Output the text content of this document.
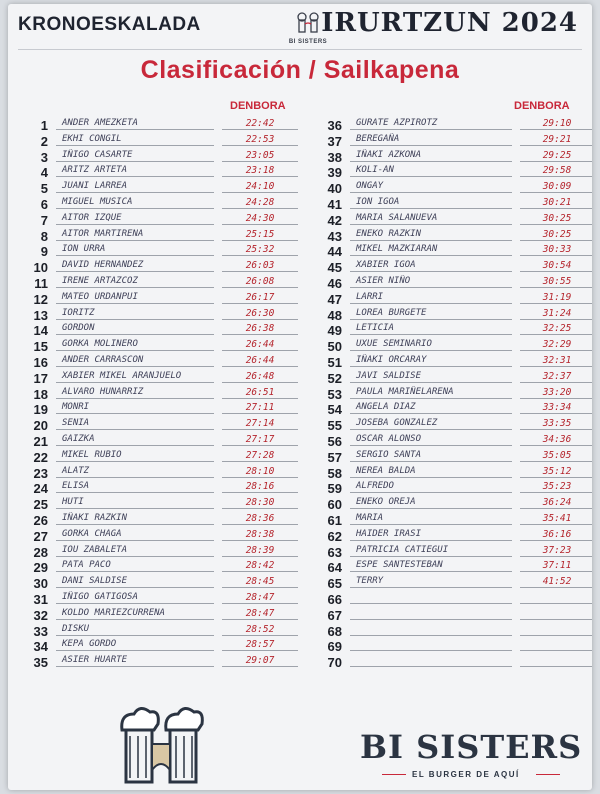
KRONOESKALADA
BI SISTERS
IRURTZUN 2024
Clasificación / Sailkapena
DENBORA
1	ANDER AMEZKETA	22:42
2	EKHI CONGIL	22:53
3	IÑIGO CASARTE	23:05
4	ARITZ ARTETA	23:18
5	JUANI LARREA	24:10
6	MIGUEL MUSICA	24:28
7	AITOR IZQUE	24:30
8	AITOR MARTIRENA	25:15
9	ION URRA	25:32
10	DAVID HERNANDEZ	26:03
11	IRENE ARTAZCOZ	26:08
12	MATEO URDANPUI	26:17
13	IORITZ	26:30
14	GORDON	26:38
15	GORKA MOLINERO	26:44
16	ANDER CARRASCON	26:44
17	XABIER MIKEL ARANJUELO	26:48
18	ALVARO HUNARRIZ	26:51
19	MONRI	27:11
20	SENIA	27:14
21	GAIZKA	27:17
22	MIKEL RUBIO	27:28
23	ALATZ	28:10
24	ELISA	28:16
25	HUTI	28:30
26	IÑAKI RAZKIN	28:36
27	GORKA CHAGA	28:38
28	IOU ZABALETA	28:39
29	PATA PACO	28:42
30	DANI SALDISE	28:45
31	IÑIGO GATIGOSA	28:47
32	KOLDO MARIEZCURRENA	28:47
33	DISKU	28:52
34	KEPA GORDO	28:57
35	ASIER HUARTE	29:07
DENBORA
36	GURATE AZPIROTZ	29:10
37	BEREGAÑA	29:21
38	IÑAKI AZKONA	29:25
39	KOLI-AN	29:58
40	ONGAY	30:09
41	ION IGOA	30:21
42	MARIA SALANUEVA	30:25
43	ENEKO RAZKIN	30:25
44	MIKEL MAZKIARAN	30:33
45	XABIER IGOA	30:54
46	ASIER NIÑO	30:55
47	LARRI	31:19
48	LOREA BURGETE	31:24
49	LETICIA	32:25
50	UXUE SEMINARIO	32:29
51	IÑAKI ORCARAY	32:31
52	JAVI SALDISE	32:37
53	PAULA MARIÑELARENA	33:20
54	ANGELA DIAZ	33:34
55	JOSEBA GONZALEZ	33:35
56	OSCAR ALONSO	34:36
57	SERGIO SANTA	35:05
58	NEREA BALDA	35:12
59	ALFREDO	35:23
60	ENEKO OREJA	36:24
61	MARIA	35:41
62	HAIDER IRASI	36:16
63	PATRICIA CATIEGUI	37:23
64	ESPE SANTESTEBAN	37:11
65	TERRY	41:52
66
67
68
69
70
BI SISTERS
EL BURGER DE AQUÍ
